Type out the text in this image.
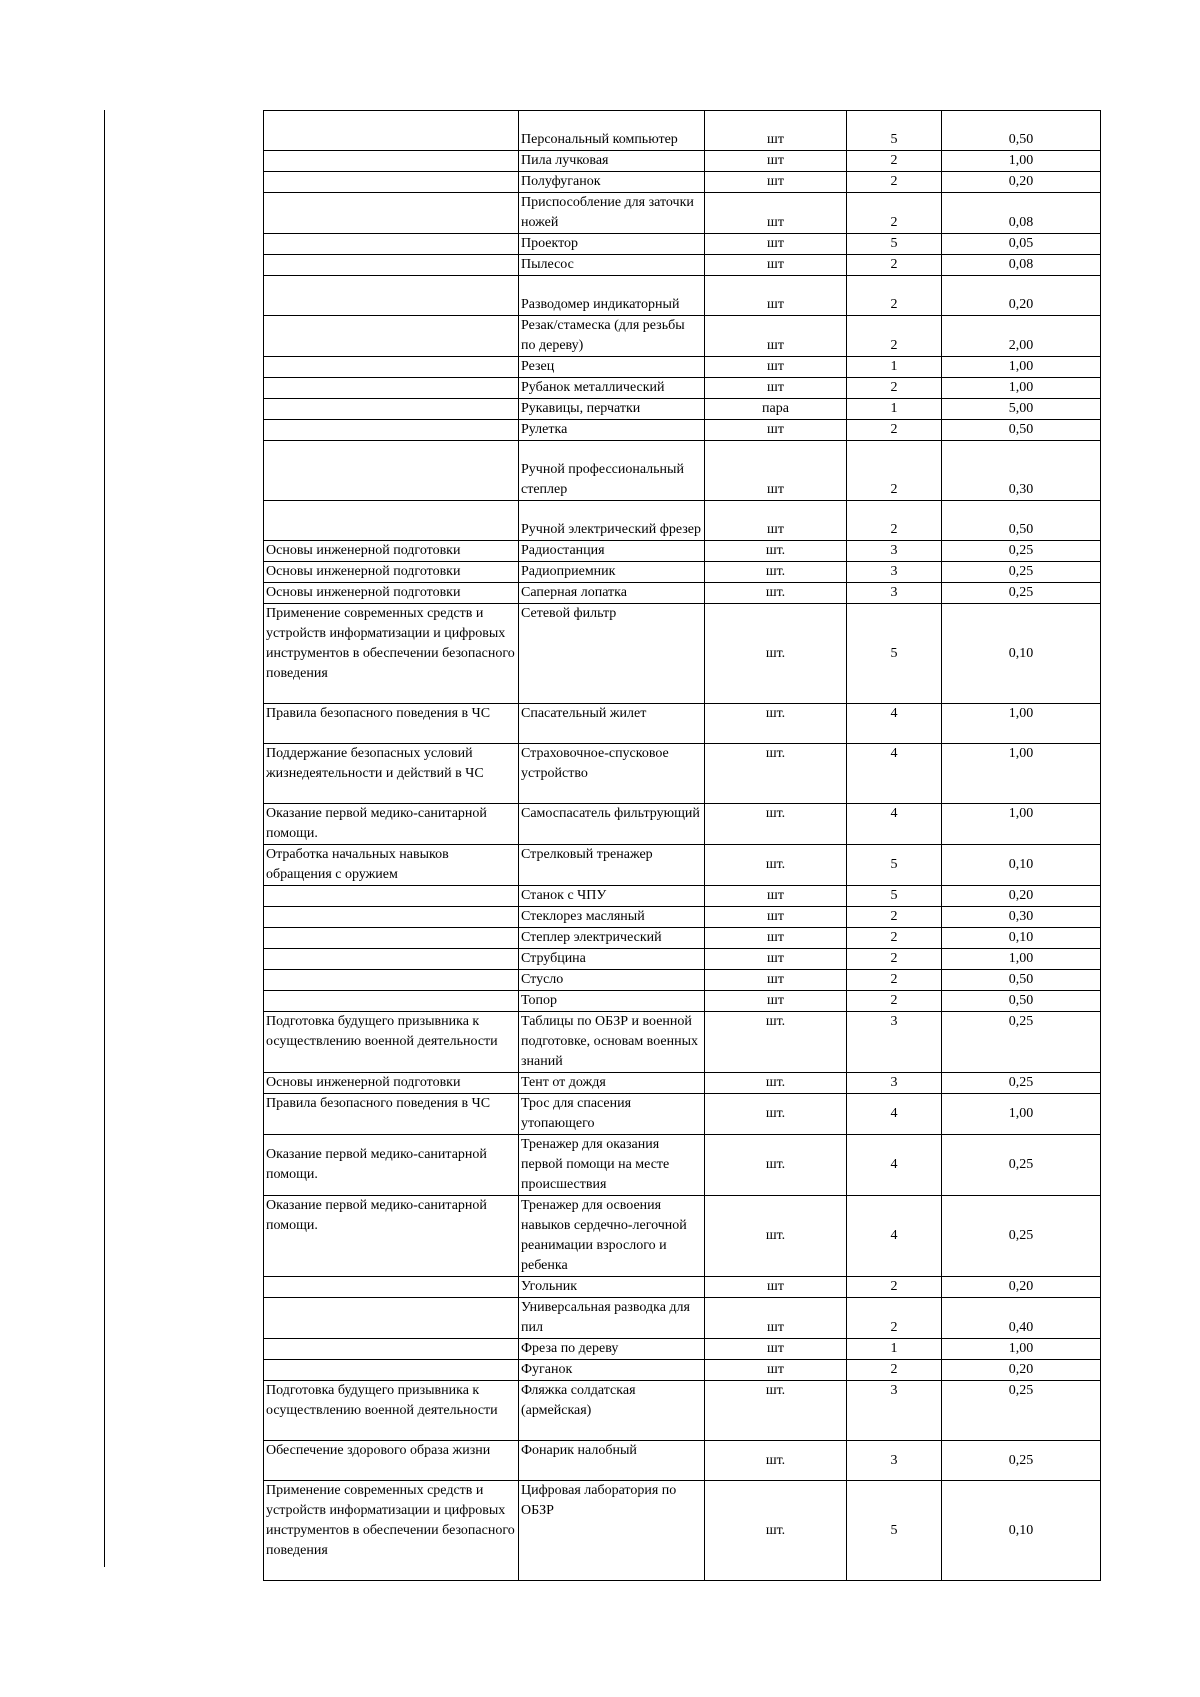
	Персональный компьютер	шт	5	0,50
	Пила лучковая	шт	2	1,00
	Полуфуганок	шт	2	0,20
	Приспособление для заточки ножей	шт	2	0,08
	Проектор	шт	5	0,05
	Пылесос	шт	2	0,08
	Разводомер индикаторный	шт	2	0,20
	Резак/стамеска (для резьбы по дереву)	шт	2	2,00
	Резец	шт	1	1,00
	Рубанок металлический	шт	2	1,00
	Рукавицы, перчатки	пара	1	5,00
	Рулетка	шт	2	0,50
	Ручной профессиональный степлер	шт	2	0,30
	Ручной электрический фрезер	шт	2	0,50
Основы инженерной подготовки	Радиостанция	шт.	3	0,25
Основы инженерной подготовки	Радиоприемник	шт.	3	0,25
Основы инженерной подготовки	Саперная лопатка	шт.	3	0,25
Применение современных средств и устройств информатизации и цифровых инструментов в обеспечении безопасного поведения	Сетевой фильтр	шт.	5	0,10
Правила безопасного поведения в ЧС	Спасательный жилет	шт.	4	1,00
Поддержание безопасных условий жизнедеятельности и действий в ЧС	Страховочное-спусковое устройство	шт.	4	1,00
Оказание первой медико-санитарной помощи.	Самоспасатель фильтрующий	шт.	4	1,00
Отработка начальных навыков обращения с оружием	Стрелковый тренажер	шт.	5	0,10
	Станок с ЧПУ	шт	5	0,20
	Стеклорез масляный	шт	2	0,30
	Степлер электрический	шт	2	0,10
	Струбцина	шт	2	1,00
	Стусло	шт	2	0,50
	Топор	шт	2	0,50
Подготовка будущего призывника к осуществлению военной деятельности	Таблицы по ОБЗР и военной подготовке, основам военных знаний	шт.	3	0,25
Основы инженерной подготовки	Тент от дождя	шт.	3	0,25
Правила безопасного поведения в ЧС	Трос для спасения утопающего	шт.	4	1,00
Оказание первой медико-санитарной помощи.	Тренажер для оказания первой помощи на месте происшествия	шт.	4	0,25
Оказание первой медико-санитарной помощи.	Тренажер для освоения навыков сердечно-легочной реанимации взрослого и ребенка	шт.	4	0,25
	Угольник	шт	2	0,20
	Универсальная разводка для пил	шт	2	0,40
	Фреза по дереву	шт	1	1,00
	Фуганок	шт	2	0,20
Подготовка будущего призывника к осуществлению военной деятельности	Фляжка солдатская (армейская)	шт.	3	0,25
Обеспечение здорового образа жизни	Фонарик налобный	шт.	3	0,25
Применение современных средств и устройств информатизации и цифровых инструментов в обеспечении безопасного поведения	Цифровая лаборатория по ОБЗР	шт.	5	0,10
